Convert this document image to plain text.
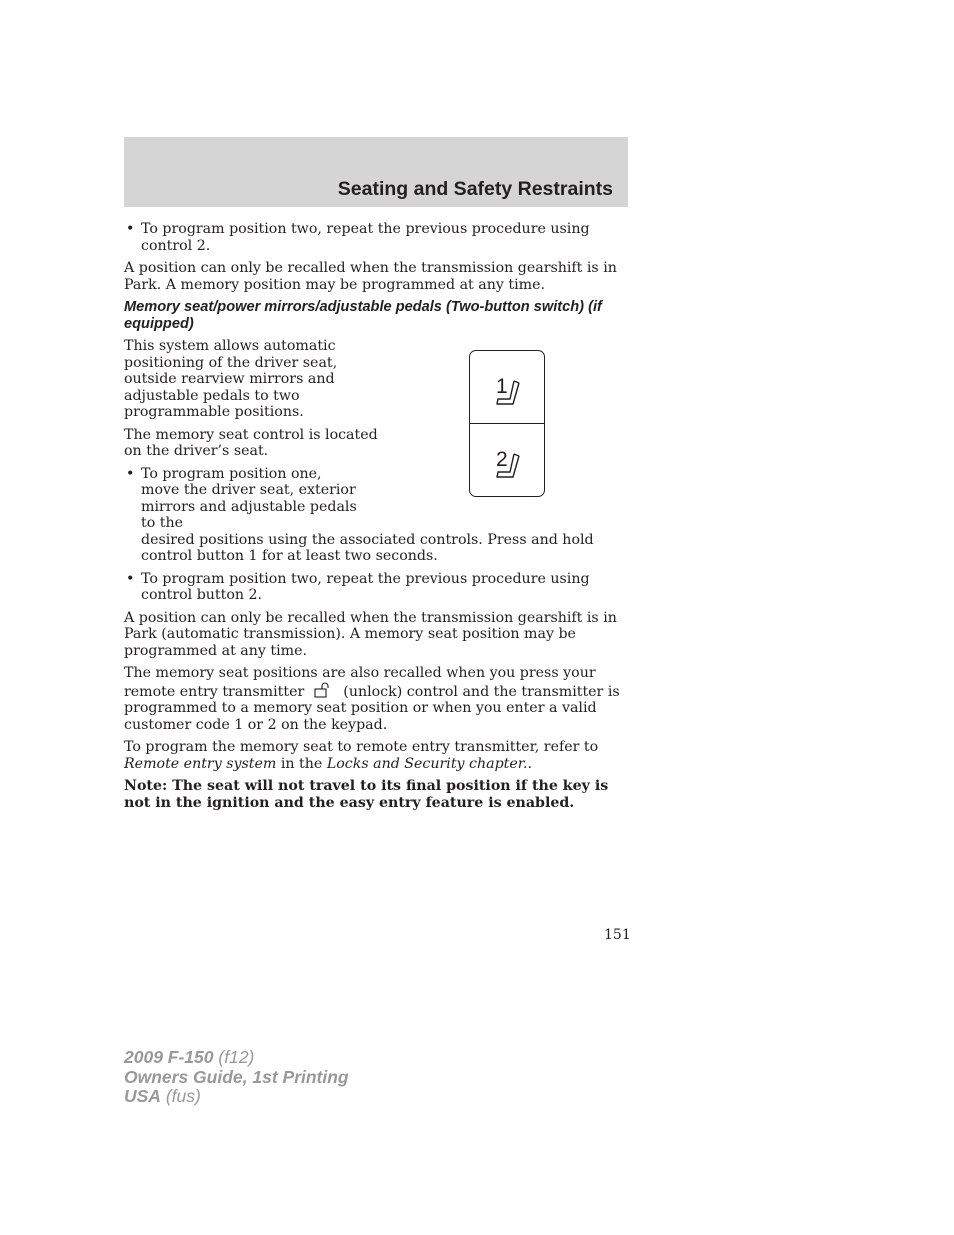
Seating and Safety Restraints
• To program position two, repeat the previous procedure using control 2.

A position can only be recalled when the transmission gearshift is in Park. A memory position may be programmed at any time.

Memory seat/power mirrors/adjustable pedals (Two-button switch) (if equipped)

This system allows automatic positioning of the driver seat, outside rearview mirrors and adjustable pedals to two programmable positions.

The memory seat control is located on the driver’s seat.

• To program position one, move the driver seat, exterior mirrors and adjustable pedals to the
desired positions using the associated controls. Press and hold control button 1 for at least two seconds.
• To program position two, repeat the previous procedure using control button 2.

A position can only be recalled when the transmission gearshift is in Park (automatic transmission). A memory seat position may be programmed at any time.

The memory seat positions are also recalled when you press your remote entry transmitter	(unlock) control and the transmitter is programmed to a memory seat position or when you enter a valid customer code 1 or 2 on the keypad.

To program the memory seat to remote entry transmitter, refer to Remote entry system in the Locks and Security chapter..

Note: The seat will not travel to its final position if the key is not in the ignition and the easy entry feature is enabled.

1
2
151
2009 F-150 (f12)
Owners Guide, 1st Printing
USA (fus)
